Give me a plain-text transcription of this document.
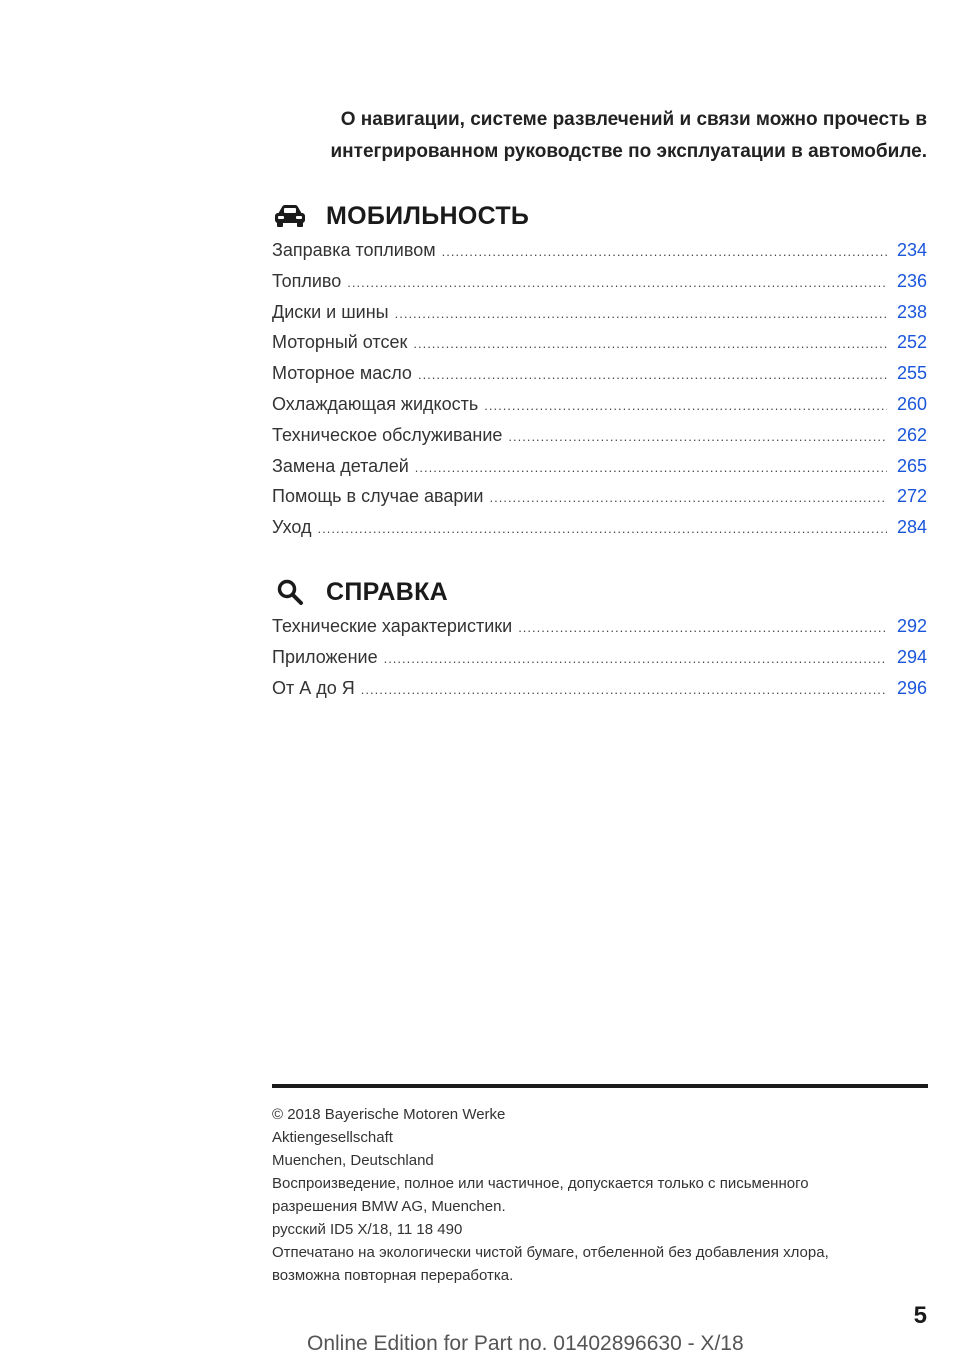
О навигации, системе развлечений и связи можно прочесть в
интегрированном руководстве по эксплуатации в автомобиле.
МОБИЛЬНОСТЬ
Заправка топливом .....	234
Топливо .....	236
Диски и шины .....	238
Моторный отсек .....	252
Моторное масло .....	255
Охлаждающая жидкость .....	260
Техническое обслуживание .....	262
Замена деталей .....	265
Помощь в случае аварии .....	272
Уход .....	284
СПРАВКА
Технические характеристики .....	292
Приложение .....	294
От А до Я .....	296
© 2018 Bayerische Motoren Werke
Aktiengesellschaft
Muenchen, Deutschland
Воспроизведение, полное или частичное, допускается только с письменного
разрешения BMW AG, Muenchen.
русский ID5 X/18, 11 18 490
Отпечатано на экологически чистой бумаге, отбеленной без добавления хлора,
возможна повторная переработка.
5
Online Edition for Part no. 01402896630 - X/18
